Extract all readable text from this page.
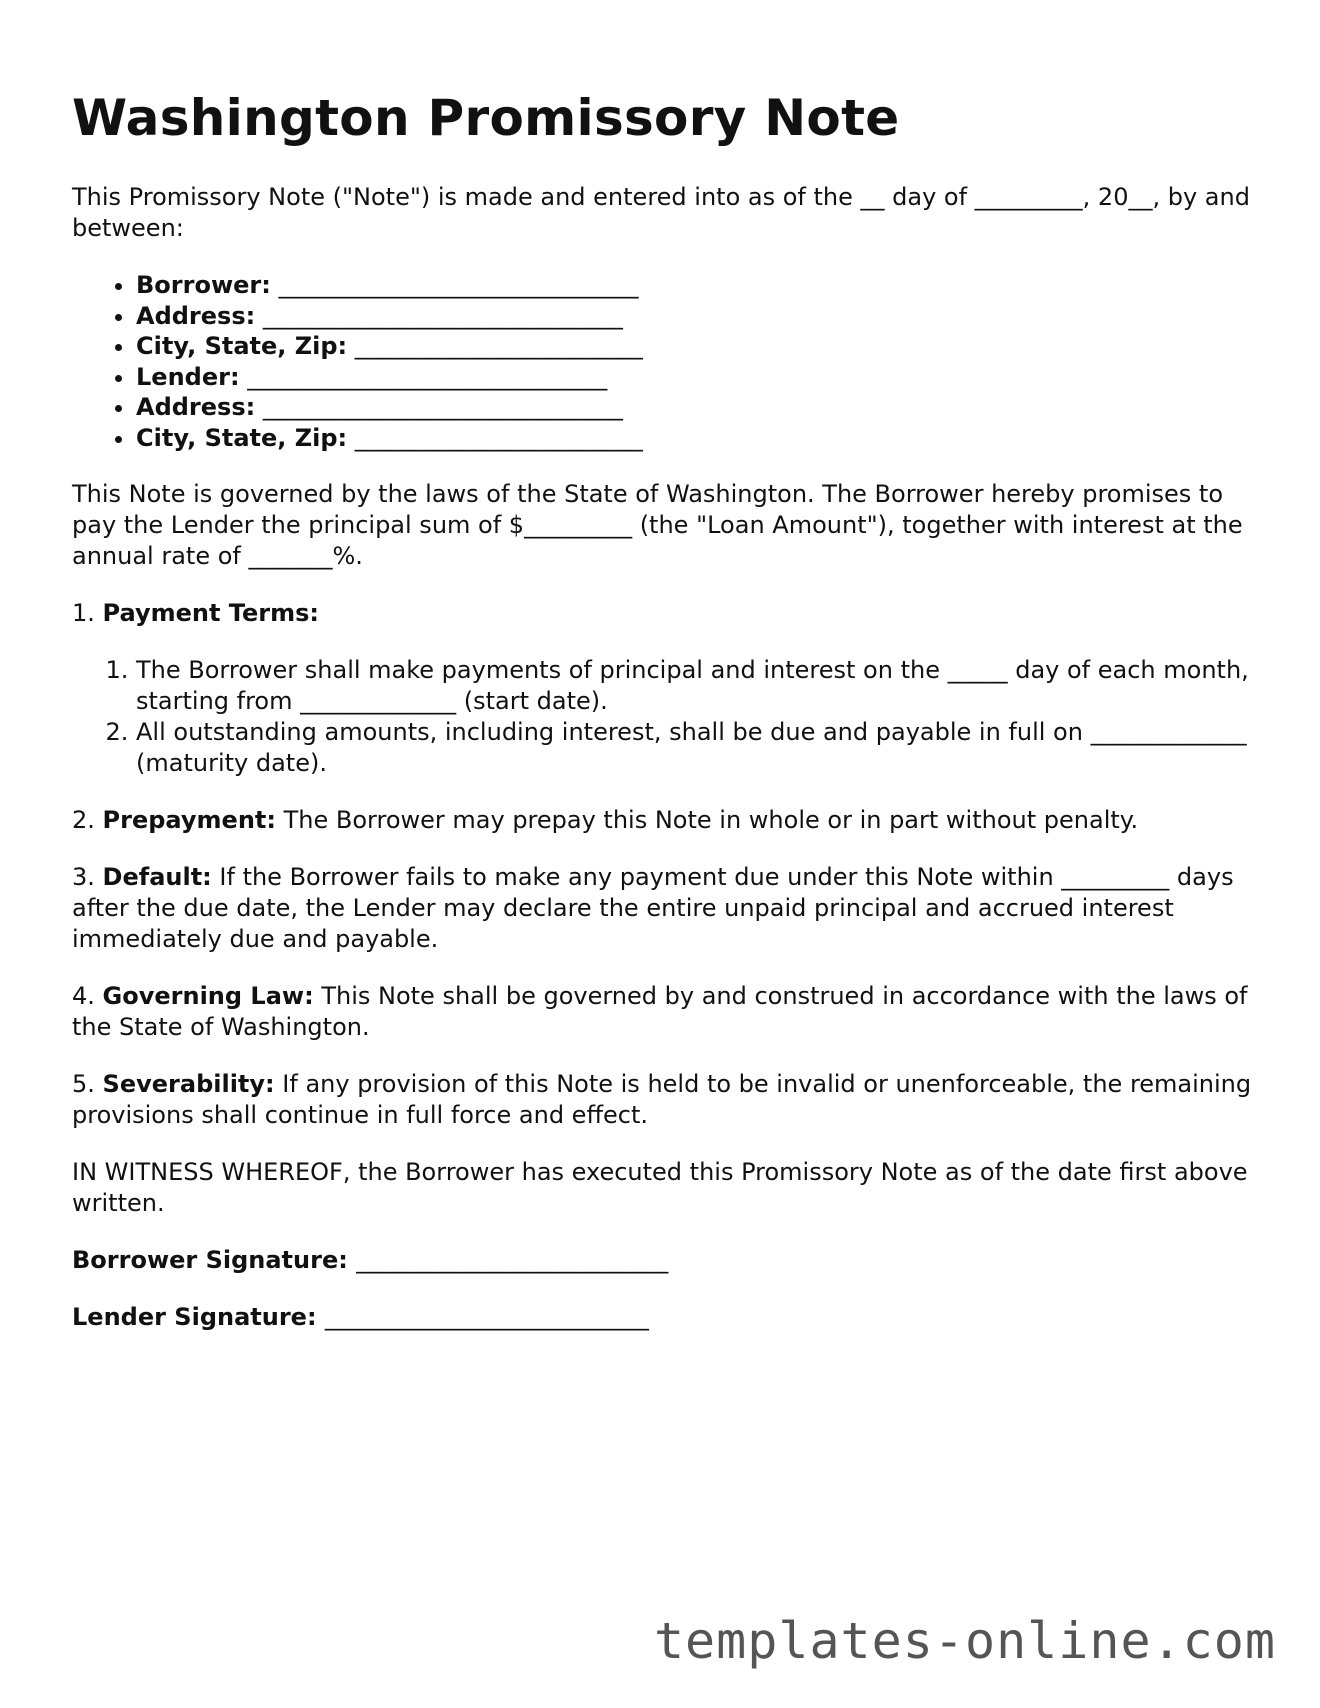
Washington Promissory Note

This Promissory Note ("Note") is made and entered into as of the __ day of _________, 20__, by and between:

• Borrower: ______________________________
• Address: ______________________________
• City, State, Zip: ________________________
• Lender: ______________________________
• Address: ______________________________
• City, State, Zip: ________________________

This Note is governed by the laws of the State of Washington. The Borrower hereby promises to pay the Lender the principal sum of $_________ (the "Loan Amount"), together with interest at the annual rate of _______%.

1. Payment Terms:
1. The Borrower shall make payments of principal and interest on the _____ day of each month, starting from _____________ (start date).
2. All outstanding amounts, including interest, shall be due and payable in full on _____________ (maturity date).

2. Prepayment: The Borrower may prepay this Note in whole or in part without penalty.

3. Default: If the Borrower fails to make any payment due under this Note within _________ days after the due date, the Lender may declare the entire unpaid principal and accrued interest immediately due and payable.

4. Governing Law: This Note shall be governed by and construed in accordance with the laws of the State of Washington.

5. Severability: If any provision of this Note is held to be invalid or unenforceable, the remaining provisions shall continue in full force and effect.

IN WITNESS WHEREOF, the Borrower has executed this Promissory Note as of the date first above written.

Borrower Signature: __________________________
Lender Signature: ___________________________
templates-online.com
